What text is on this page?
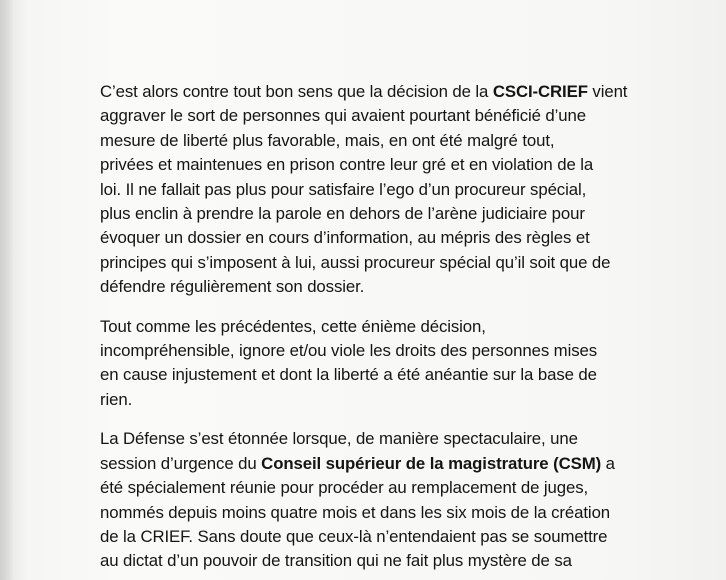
C’est alors contre tout bon sens que la décision de la CSCI-CRIEF vient
aggraver le sort de personnes qui avaient pourtant bénéficié d’une
mesure de liberté plus favorable, mais, en ont été malgré tout,
privées et maintenues en prison contre leur gré et en violation de la
loi. Il ne fallait pas plus pour satisfaire l’ego d’un procureur spécial,
plus enclin à prendre la parole en dehors de l’arène judiciaire pour
évoquer un dossier en cours d’information, au mépris des règles et
principes qui s’imposent à lui, aussi procureur spécial qu’il soit que de
défendre régulièrement son dossier.

Tout comme les précédentes, cette énième décision,
incompréhensible, ignore et/ou viole les droits des personnes mises
en cause injustement et dont la liberté a été anéantie sur la base de
rien.

La Défense s’est étonnée lorsque, de manière spectaculaire, une
session d’urgence du Conseil supérieur de la magistrature (CSM) a
été spécialement réunie pour procéder au remplacement de juges,
nommés depuis moins quatre mois et dans les six mois de la création
de la CRIEF. Sans doute que ceux-là n’entendaient pas se soumettre
au dictat d’un pouvoir de transition qui ne fait plus mystère de sa
